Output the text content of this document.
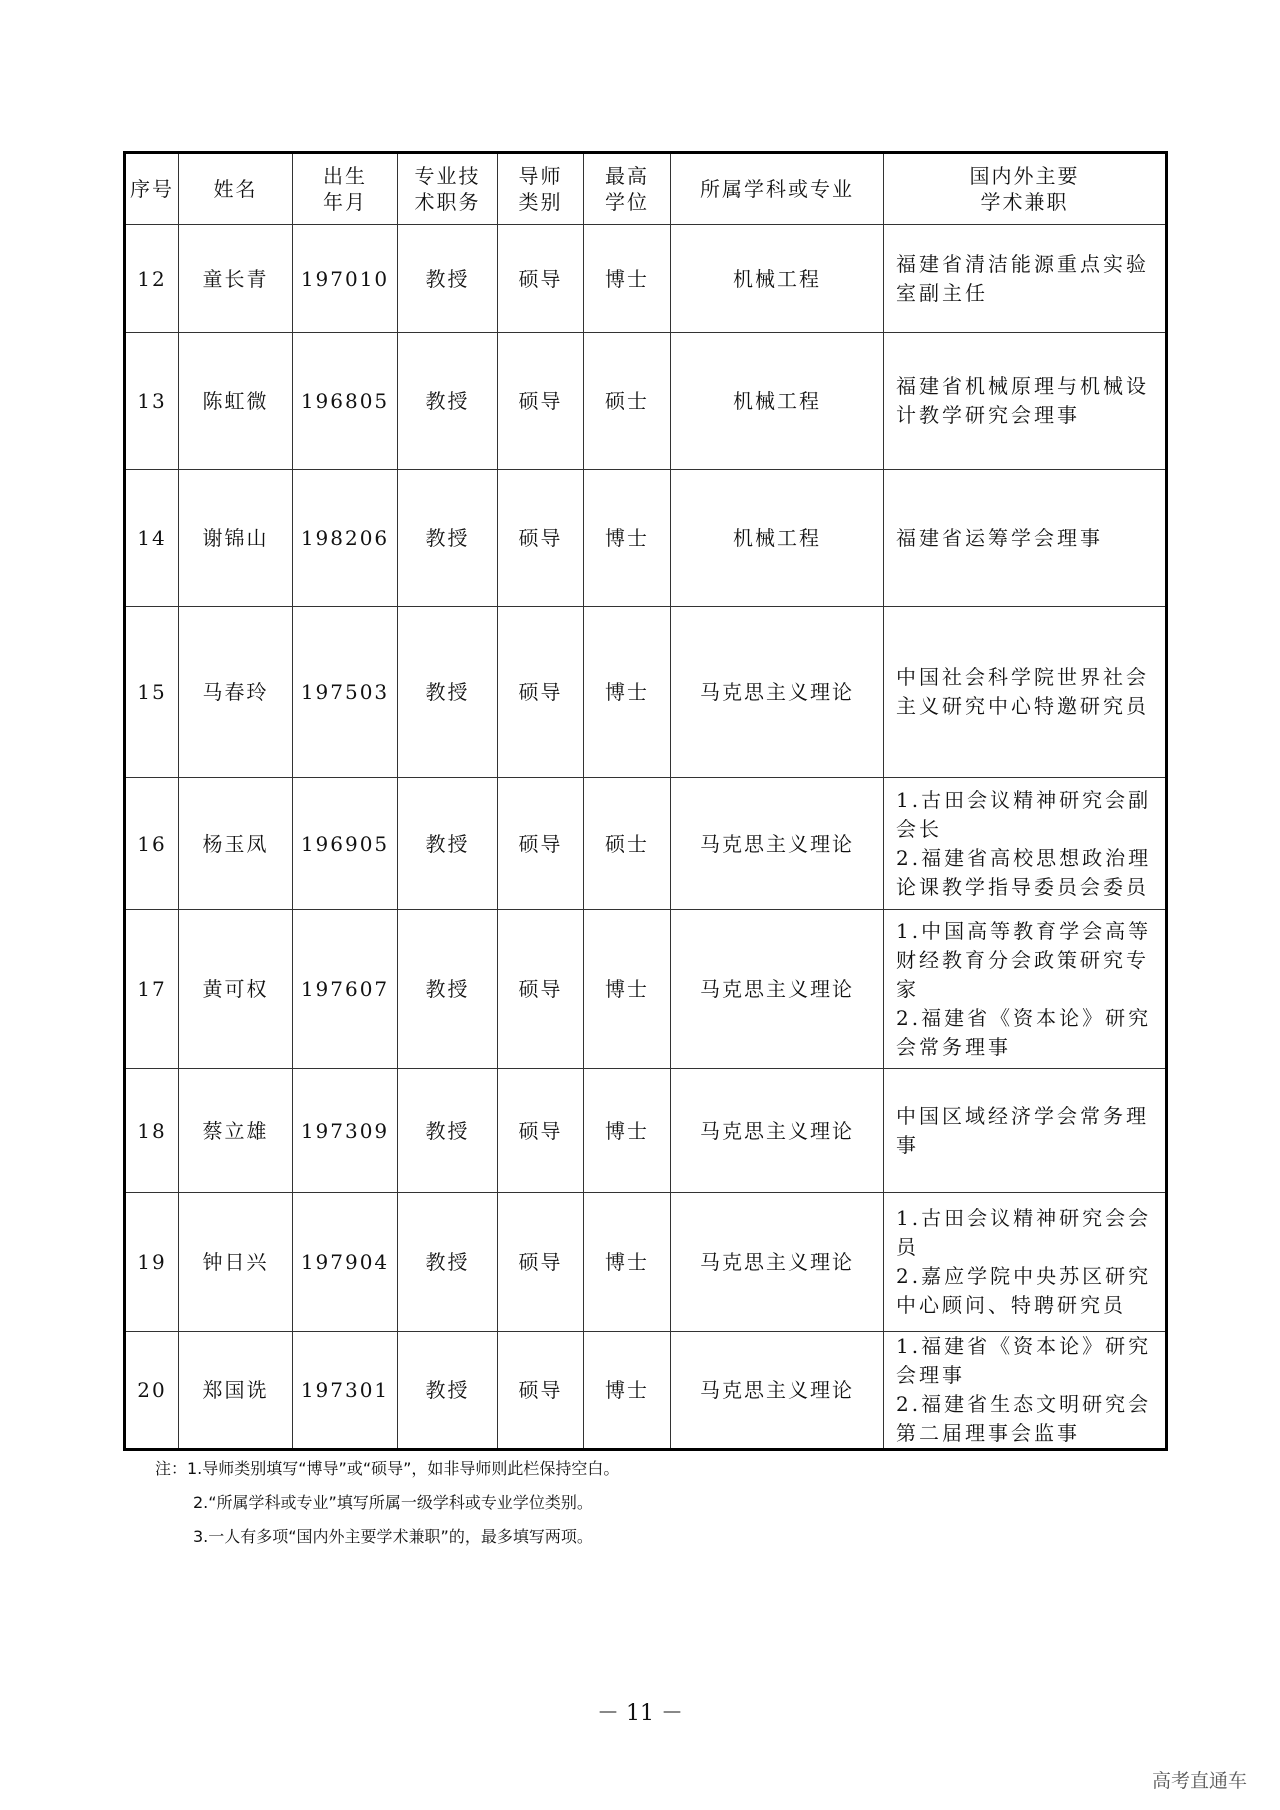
序号	姓名	出生年月	专业技术职务	导师类别	最高学位	所属学科或专业	国内外主要学术兼职
12	童长青	197010	教授	硕导	博士	机械工程	福建省清洁能源重点实验室副主任

13	陈虹微	196805	教授	硕导	硕士	机械工程	福建省机械原理与机械设计教学研究会理事

14	谢锦山	198206	教授	硕导	博士	机械工程	福建省运筹学会理事

15	马春玲	197503	教授	硕导	博士	马克思主义理论	中国社会科学院世界社会主义研究中心特邀研究员

16	杨玉凤	196905	教授	硕导	硕士	马克思主义理论	1.古田会议精神研究会副会长
2.福建省高校思想政治理论课教学指导委员会委员

17	黄可权	197607	教授	硕导	博士	马克思主义理论	1.中国高等教育学会高等财经教育分会政策研究专家
2.福建省《资本论》研究会常务理事

18	蔡立雄	197309	教授	硕导	博士	马克思主义理论	中国区域经济学会常务理事

19	钟日兴	197904	教授	硕导	博士	马克思主义理论	1.古田会议精神研究会会员
2.嘉应学院中央苏区研究中心顾问、特聘研究员

20	郑国诜	197301	教授	硕导	博士	马克思主义理论	1.福建省《资本论》研究会理事
2.福建省生态文明研究会第二届理事会监事
注：1.导师类别填写“博导”或“硕导”，如非导师则此栏保持空白。
2.“所属学科或专业”填写所属一级学科或专业学位类别。
3.一人有多项“国内外主要学术兼职”的，最多填写两项。
－ 11 －
高考直通车
